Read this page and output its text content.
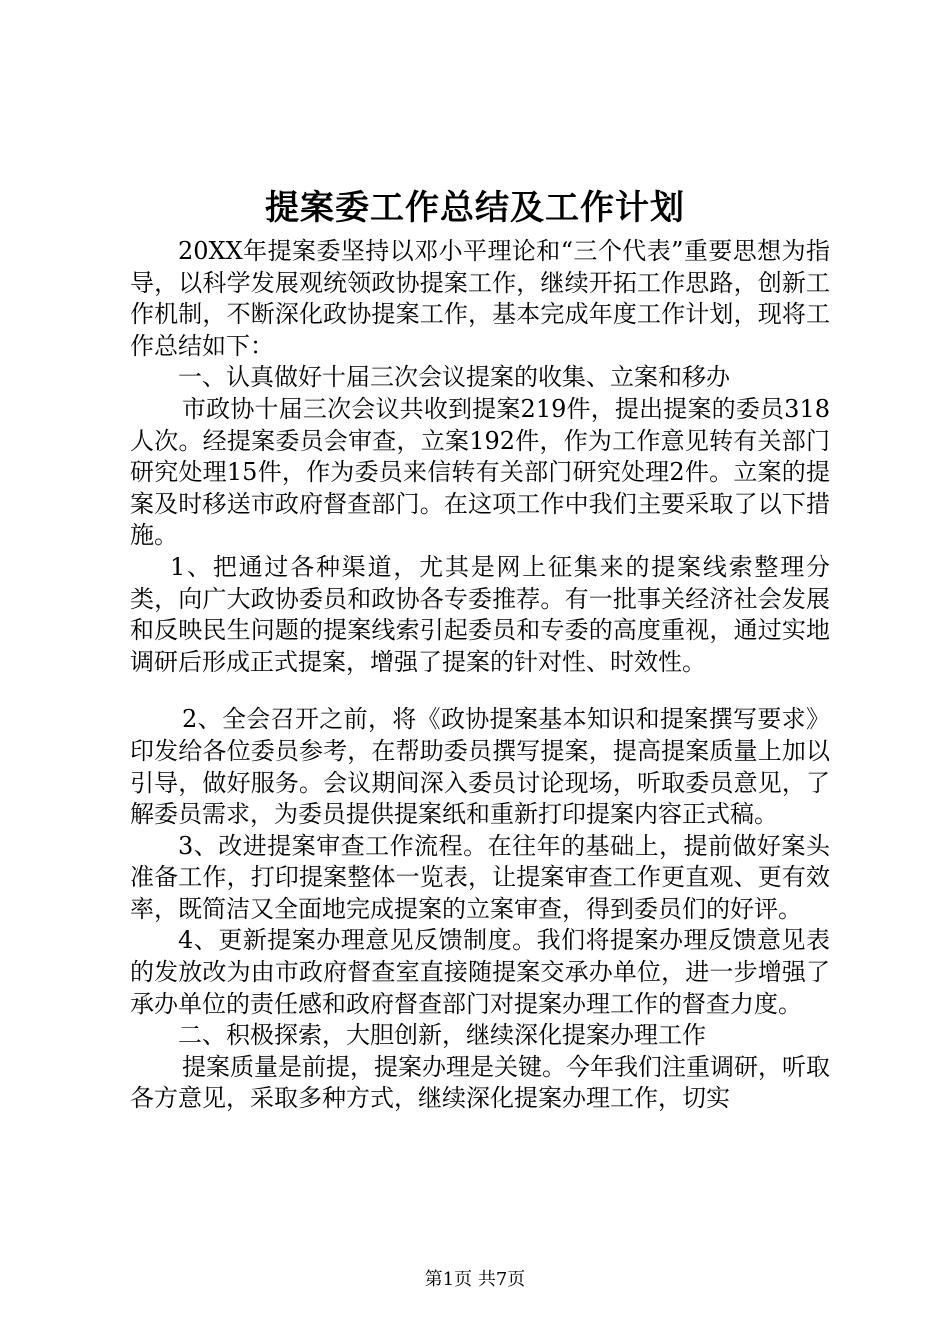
提案委工作总结及工作计划

20XX年提案委坚持以邓小平理论和“三个代表”重要思想为指导，以科学发展观统领政协提案工作，继续开拓工作思路，创新工作机制，不断深化政协提案工作，基本完成年度工作计划，现将工作总结如下：

一、认真做好十届三次会议提案的收集、立案和移办

市政协十届三次会议共收到提案219件，提出提案的委员318人次。经提案委员会审查，立案192件，作为工作意见转有关部门研究处理15件，作为委员来信转有关部门研究处理2件。立案的提案及时移送市政府督查部门。在这项工作中我们主要采取了以下措施。

1、把通过各种渠道，尤其是网上征集来的提案线索整理分类，向广大政协委员和政协各专委推荐。有一批事关经济社会发展和反映民生问题的提案线索引起委员和专委的高度重视，通过实地调研后形成正式提案，增强了提案的针对性、时效性。

2、全会召开之前，将《政协提案基本知识和提案撰写要求》印发给各位委员参考，在帮助委员撰写提案，提高提案质量上加以引导，做好服务。会议期间深入委员讨论现场，听取委员意见，了解委员需求，为委员提供提案纸和重新打印提案内容正式稿。

3、改进提案审查工作流程。在往年的基础上，提前做好案头准备工作，打印提案整体一览表，让提案审查工作更直观、更有效率，既简洁又全面地完成提案的立案审查，得到委员们的好评。

4、更新提案办理意见反馈制度。我们将提案办理反馈意见表的发放改为由市政府督查室直接随提案交承办单位，进一步增强了承办单位的责任感和政府督查部门对提案办理工作的督查力度。

二、积极探索，大胆创新，继续深化提案办理工作

提案质量是前提，提案办理是关键。今年我们注重调研，听取各方意见，采取多种方式，继续深化提案办理工作，切实

第1页 共7页
